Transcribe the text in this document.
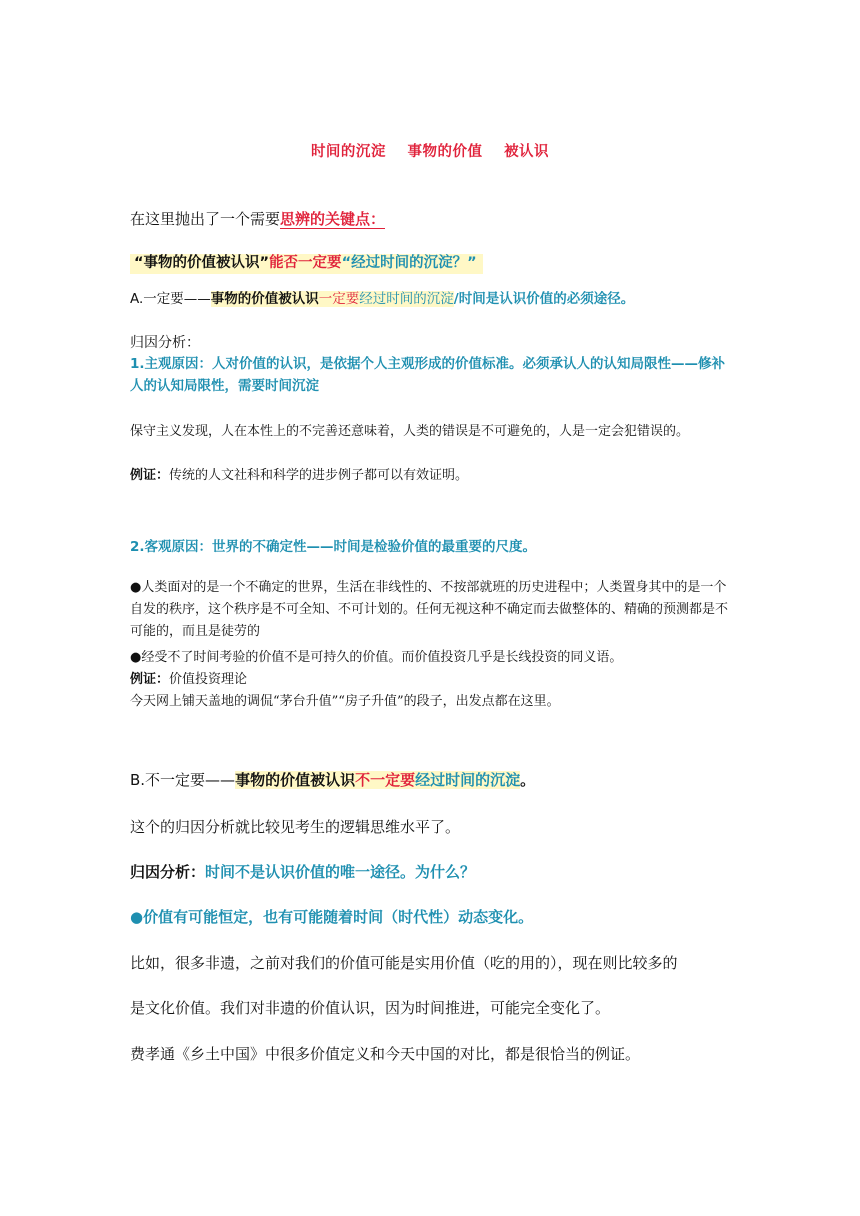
时间的沉淀 事物的价值 被认识
在这里抛出了一个需要思辨的关键点：
“事物的价值被认识”能否一定要“经过时间的沉淀？”
A.一定要——事物的价值被认识一定要经过时间的沉淀/时间是认识价值的必须途径。
归因分析：
1.主观原因：人对价值的认识，是依据个人主观形成的价值标准。必须承认人的认知局限性——修补人的认知局限性，需要时间沉淀
保守主义发现，人在本性上的不完善还意味着，人类的错误是不可避免的，人是一定会犯错误的。
例证：传统的人文社科和科学的进步例子都可以有效证明。
2.客观原因：世界的不确定性——时间是检验价值的最重要的尺度。
●人类面对的是一个不确定的世界，生活在非线性的、不按部就班的历史进程中；人类置身其中的是一个自发的秩序，这个秩序是不可全知、不可计划的。任何无视这种不确定而去做整体的、精确的预测都是不可能的，而且是徒劳的
●经受不了时间考验的价值不是可持久的价值。而价值投资几乎是长线投资的同义语。
例证：价值投资理论
今天网上铺天盖地的调侃“茅台升值”“房子升值”的段子，出发点都在这里。
B.不一定要——事物的价值被认识不一定要经过时间的沉淀。
这个的归因分析就比较见考生的逻辑思维水平了。
归因分析：时间不是认识价值的唯一途径。为什么？
●价值有可能恒定，也有可能随着时间（时代性）动态变化。
比如，很多非遗，之前对我们的价值可能是实用价值（吃的用的），现在则比较多的
是文化价值。我们对非遗的价值认识，因为时间推进，可能完全变化了。
费孝通《乡土中国》中很多价值定义和今天中国的对比，都是很恰当的例证。
